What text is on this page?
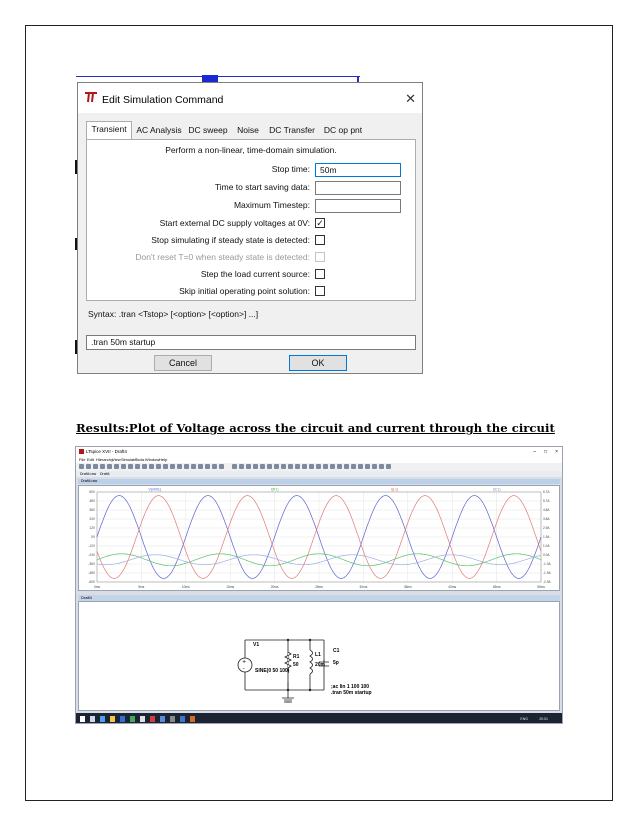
Edit Simulation Command	✕
Transient	AC Analysis DC sweep	Noise	DC Transfer	DC op pnt
Perform a non-linear, time-domain simulation.
Stop time:	50m
Time to start saving data:
Maximum Timestep:
Start external DC supply voltages at 0V: ✓
Stop simulating if steady state is detected:
Don't reset T=0 when steady state is detected:
Step the load current source:
Skip initial operating point solution:
Syntax: .tran <Tstop> [<option> [<option>] ...]
.tran 50m startup
Cancel	OK
Results:Plot of Voltage across the circuit and current through the circuit
LTspice XVII - Draft4	– □ ×
File Edit Hierarchy
View Simulate
Tools Window Help
Draft4.raw Draft4
Draft4.raw
0ms	5ms	10ms	15ms	20ms	25ms	30ms	35ms	40ms	45ms	50ms
60V	6.7A
48V	5.7A
36V	4.8A
24V	3.8A
12V	2.9A
0V	1.9A
-12V	1.0A
-24V	0.0A
-36V	-1.0A
-48V	-1.9A
-60V	-2.9A
V(n001)	I(R1)	I(L1)	I(C1)
Draft4
+
–
V1
SINE(0 50 100)
R1
50
L1
20m
C1
5p
;ac lin 1 100 100
.tran 50m startup
ENG	20:01
